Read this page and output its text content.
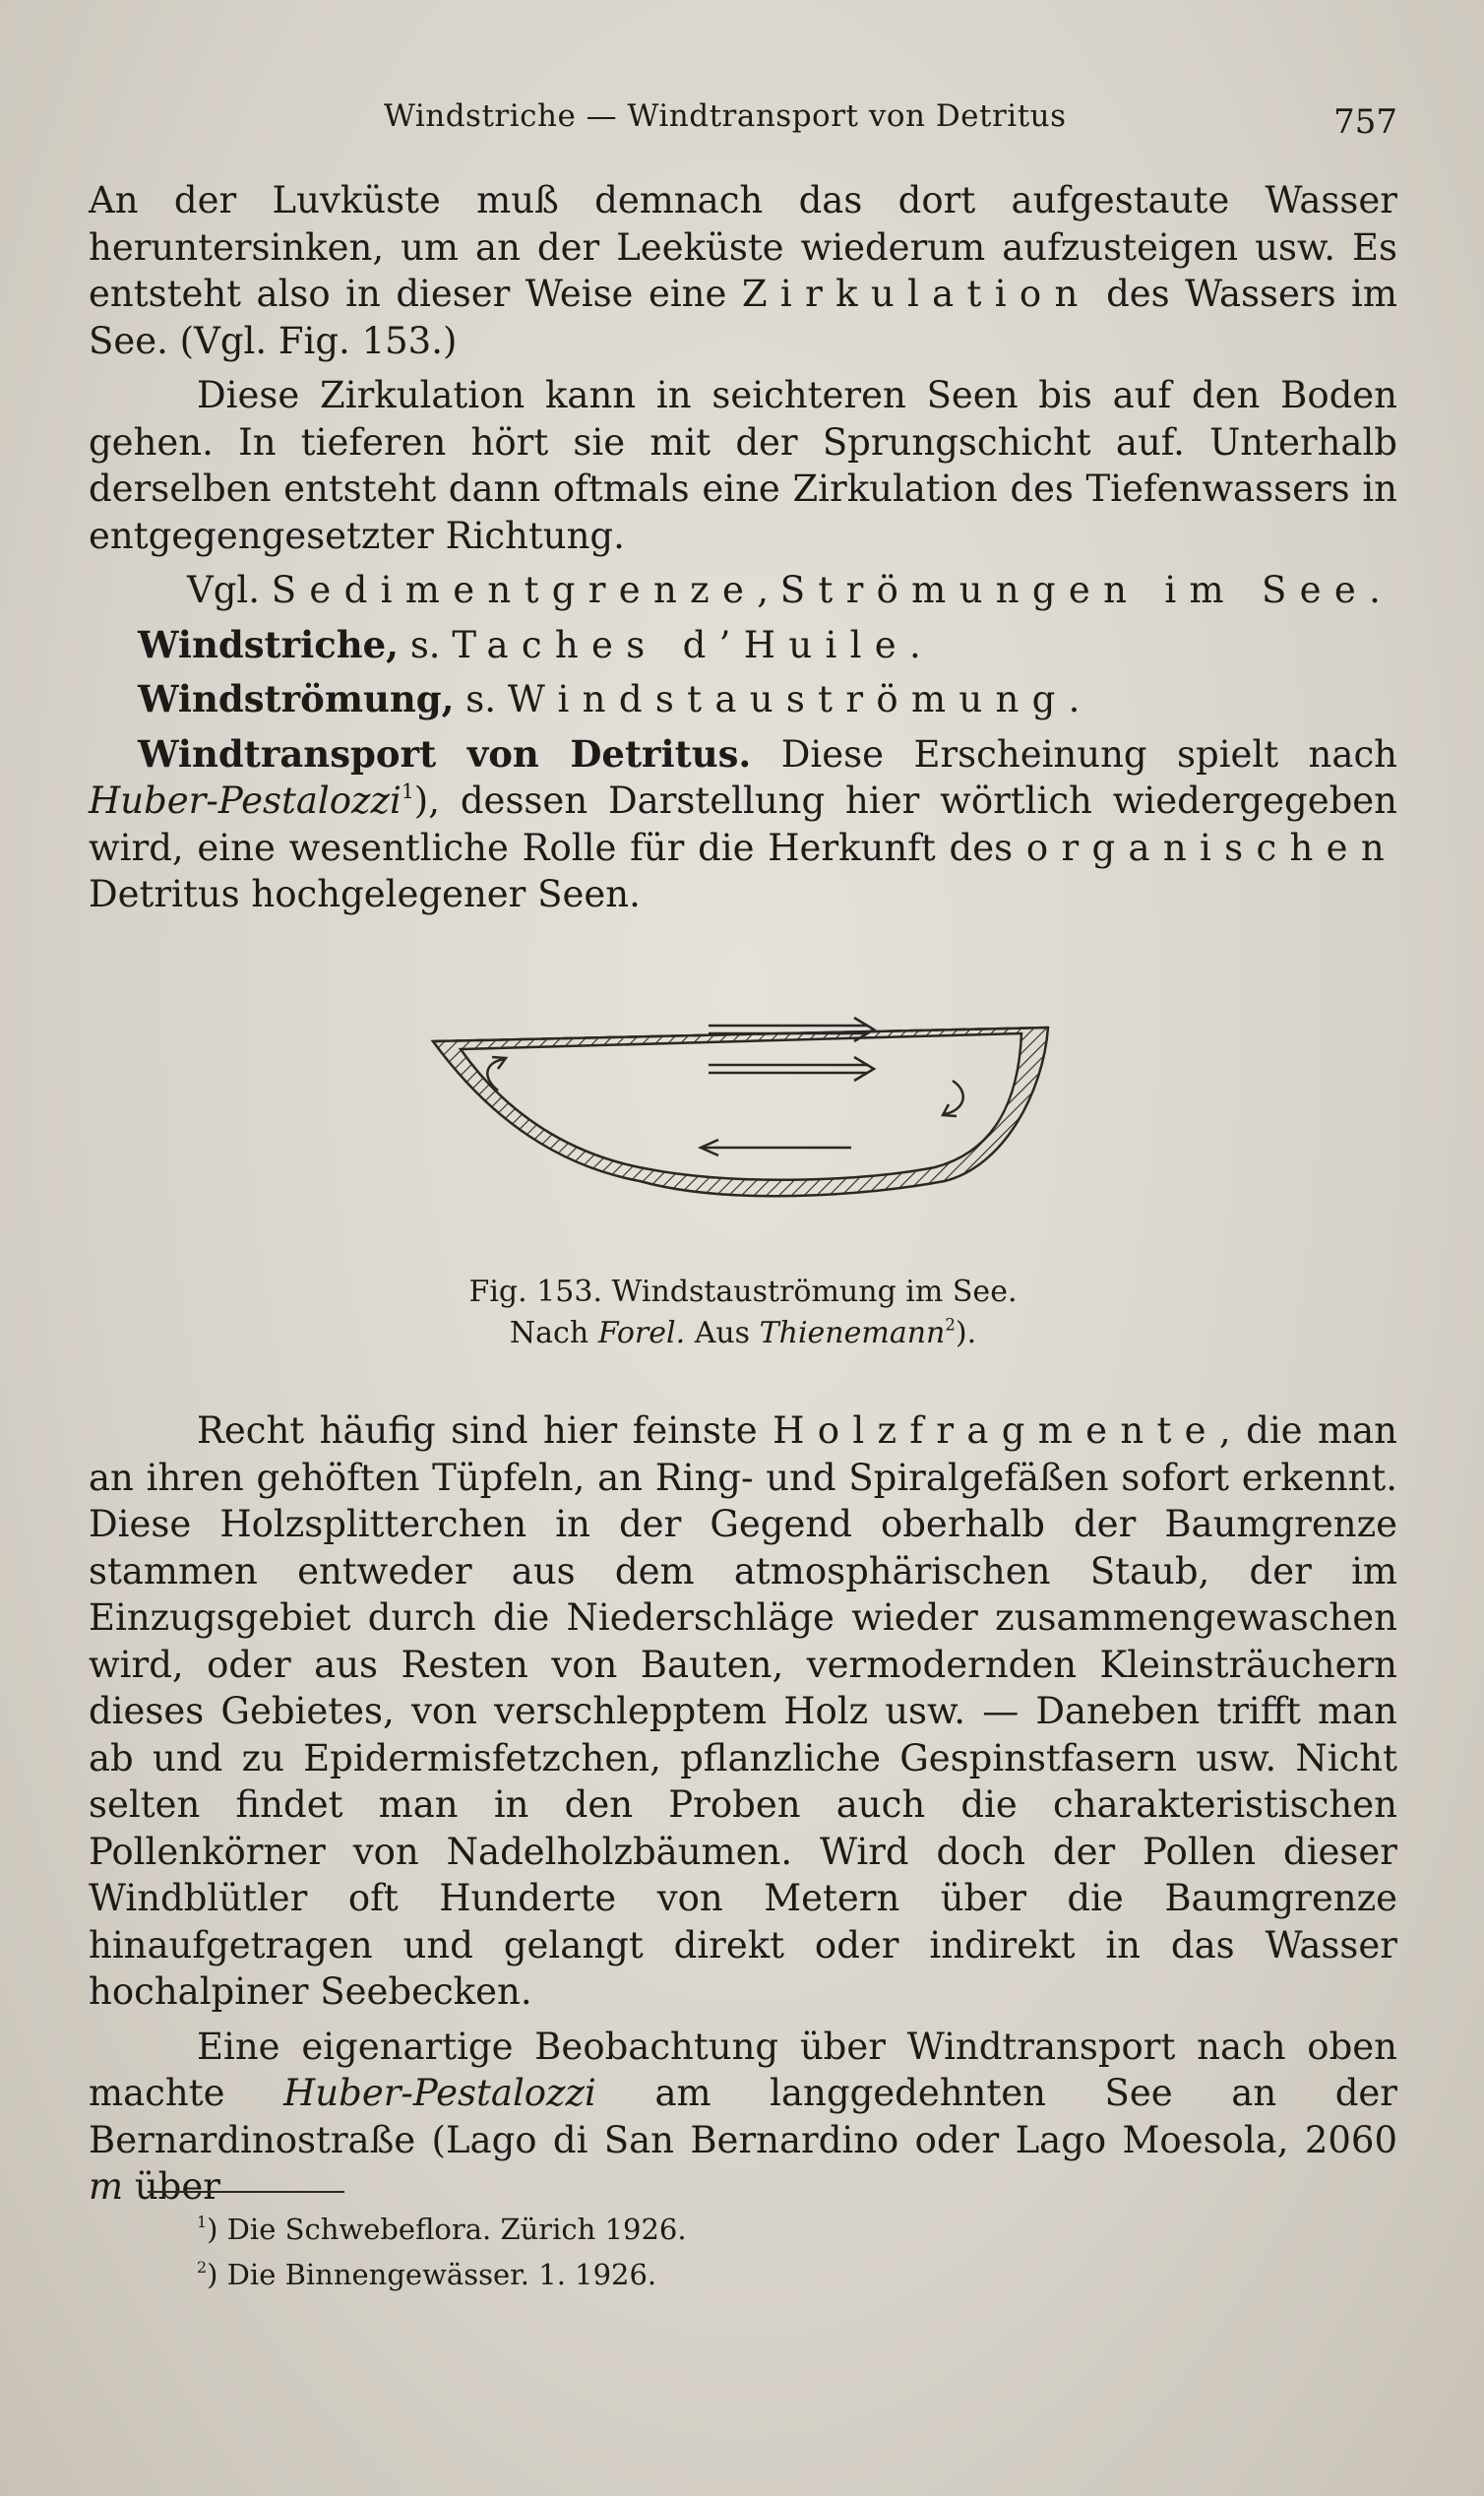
Windstriche — Windtransport von Detritus	757

An der Luvküste muß demnach das dort aufgestaute Wasser heruntersinken, um an der Leeküste wiederum aufzusteigen usw. Es entsteht also in dieser Weise eine Zirkulation des Wassers im See. (Vgl. Fig. 153.)

Diese Zirkulation kann in seichteren Seen bis auf den Boden gehen. In tieferen hört sie mit der Sprungschicht auf. Unterhalb derselben entsteht dann oftmals eine Zirkulation des Tiefenwassers in entgegengesetzter Richtung.

Vgl. Sedimentgrenze, Strömungen im See.

Windstriche, s. Taches d’Huile.

Windströmung, s. Windstauströmung.

Windtransport von Detritus. Diese Erscheinung spielt nach Huber-Pestalozzi$^1$), dessen Darstellung hier wörtlich wiedergegeben wird, eine wesentliche Rolle für die Herkunft des organischen Detritus hochgelegener Seen.

Fig. 153. Windstauströmung im See.
Nach Forel. Aus Thienemann$^2$).

Recht häufig sind hier feinste Holzfragmente, die man an ihren gehöften Tüpfeln, an Ring- und Spiralgefäßen sofort erkennt. Diese Holzsplitterchen in der Gegend oberhalb der Baumgrenze stammen entweder aus dem atmosphärischen Staub, der im Einzugsgebiet durch die Niederschläge wieder zusammengewaschen wird, oder aus Resten von Bauten, vermodernden Kleinsträuchern dieses Gebietes, von verschlepptem Holz usw. — Daneben trifft man ab und zu Epidermisfetzchen, pflanzliche Gespinstfasern usw. Nicht selten findet man in den Proben auch die charakteristischen Pollenkörner von Nadelholzbäumen. Wird doch der Pollen dieser Windblütler oft Hunderte von Metern über die Baumgrenze hinaufgetragen und gelangt direkt oder indirekt in das Wasser hochalpiner Seebecken.

Eine eigenartige Beobachtung über Windtransport nach oben machte Huber-Pestalozzi am langgedehnten See an der Bernardinostraße (Lago di San Bernardino oder Lago Moesola, 2060 m über

$^1$) Die Schwebeflora. Zürich 1926.

$^2$) Die Binnengewässer. 1. 1926.
